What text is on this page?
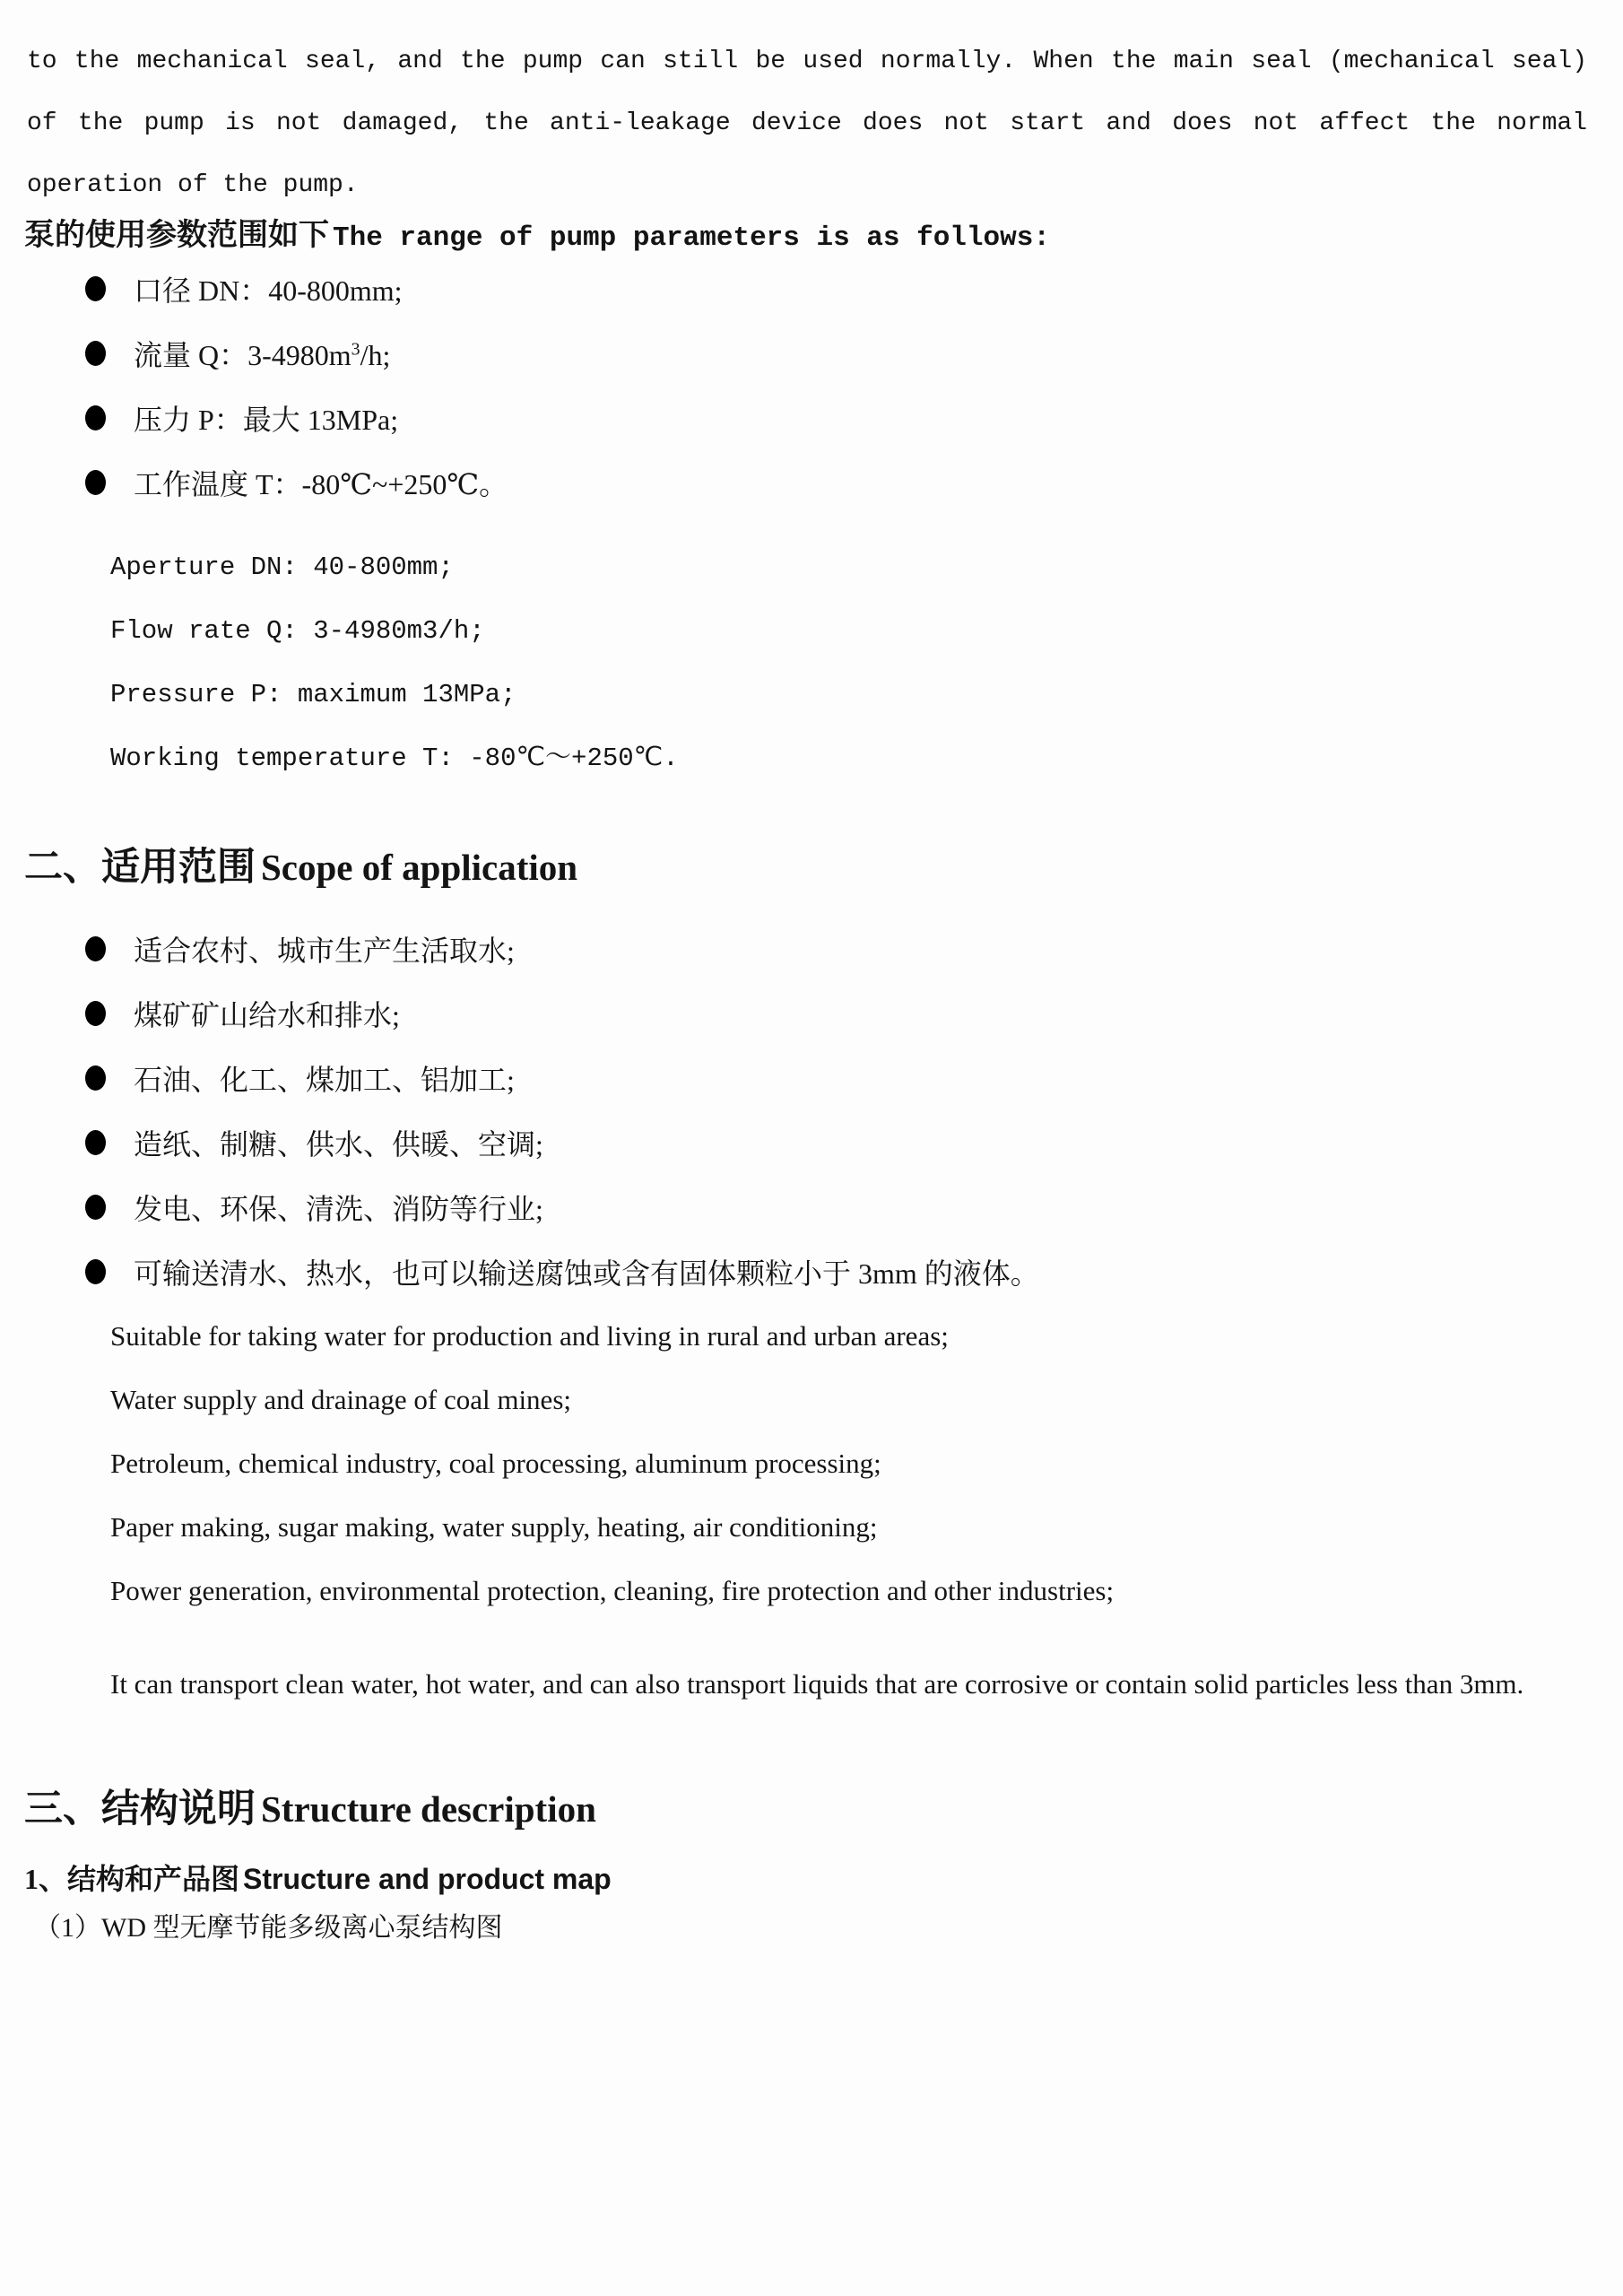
to the mechanical seal, and the pump can still be used normally. When the main seal (mechanical seal) of the pump is not damaged, the anti-leakage device does not start and does not affect the normal operation of the pump.

泵的使用参数范围如下 The range of pump parameters is as follows:
口径 DN：40-800mm;
流量 Q：$3-4980m^3/h$;
压力 P：最大 13MPa;
工作温度 T：-80℃~+250℃。

Aperture DN: 40-800mm;

Flow rate Q: 3-4980m3/h;

Pressure P: maximum 13MPa;

Working temperature T: -80℃～+250℃.

二、适用范围 Scope of application
适合农村、城市生产生活取水;
煤矿矿山给水和排水;
石油、化工、煤加工、铝加工;
造纸、制糖、供水、供暖、空调;
发电、环保、清洗、消防等行业;
可输送清水、热水，也可以输送腐蚀或含有固体颗粒小于 3mm 的液体。

Suitable for taking water for production and living in rural and urban areas;

Water supply and drainage of coal mines;

Petroleum, chemical industry, coal processing, aluminum processing;

Paper making, sugar making, water supply, heating, air conditioning;

Power generation, environmental protection, cleaning, fire protection and other industries;

It can transport clean water, hot water, and can also transport liquids that are corrosive or contain solid particles less than 3mm.

三、结构说明 Structure description
1、结构和产品图 Structure and product map
（1）WD 型无摩节能多级离心泵结构图
